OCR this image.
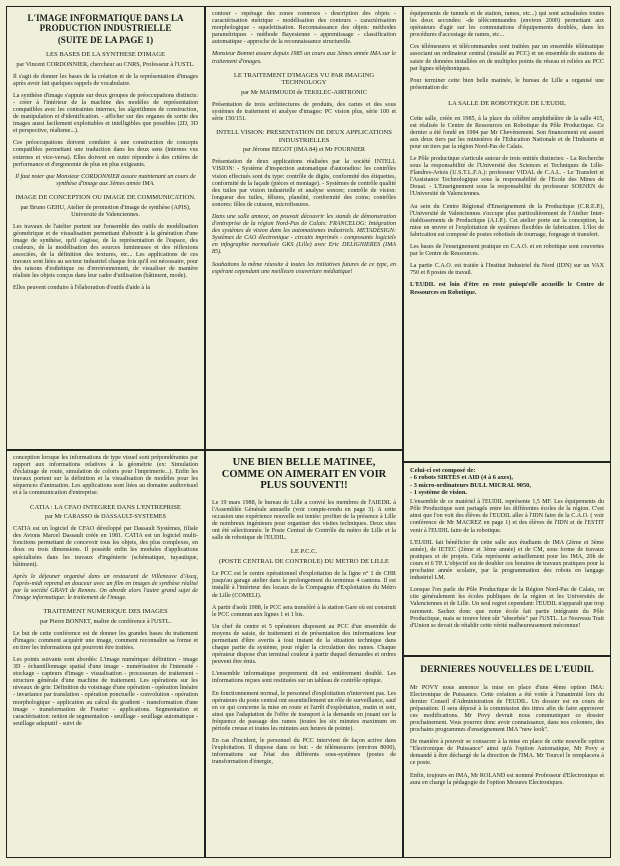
L'IMAGE INFORMATIQUE DANS LA PRODUCTION INDUSTRIELLE
(SUITE DE LA PAGE 1)
LES BASES DE LA SYNTHESE D'IMAGE
par Vincent CORDONNIER, chercheur au CNRS, Professeur à l'USTL.

Il s'agit de donner les bases de la création et de la représentation d'images après avoir fait quelques rappels de vocabulaire.

La synthèse d'image s'appuie sur deux groupes de préoccupations distincts: - créer à l'intérieur de la machine des modèles de représentation compatibles avec les contraintes internes, les algorithmes de construction, de manipulation et d'identification. - afficher sur des organes de sortie des images aussi facilement exploitables et intelligibles que possibles (2D, 3D et perspective, réalisme...).

Ces préoccupations doivent conduire à une construction de concepts compatibles permettant une traduction dans les deux sens (internes vus externes et vice-versa). Elles doivent en outre répondre à des critères de performance et d'ergonomie de plus en plus exigeants.

Il faut noter que Monsieur CORDONNIER assure maintenant un cours de synthèse d'image aux 3èmes année IMA.

IMAGE DE CONCEPTION OU IMAGE DE COMMUNICATION.
par Bruno GEHU, Atelier de promotion d'image de synthèse (APIS), Université de Valenciennes.

Les travaux de l'atelier portent sur l'ensemble des outils de modélisation géométrique et de visualisation permettant d'aboutir à la génération d'une image de synthèse, qu'il s'agisse, de la représentation de l'espace, des couleurs, de la modélisation des sources lumineuses et des réflexions associées, de la définition des textures, etc... Les applications de ces travaux sont liées au secteur industriel chaque fois qu'il est nécessaire, pour des raisons d'esthétique ou d'environnement, de visualiser de manière réaliste les objets conçus dans leur cadre d'utilisation (bâtiment, mode).

Elles peuvent conduire à l'élaboration d'outils d'aide à la

contour - repérage des zones connexes - description des objets - caractérisation métrique - modélisation des contours - caractérisation morphologique - squelettisation. Reconnaissance des objets: méthodes paramétriques - méthode Bayesienne - apprentissage - classification automatique - approche de la reconnaissance structurelle.

Monsieur Bonnet assure depuis 1985 un cours aux 3èmes année IMA sur le traitement d'images.

LE TRAITEMENT D'IMAGES VU PAR IMAGING TECHNOLOGY
par Mr MAHMOUDI de TEKELEC-AIRTRONIC

Présentation de trois architectures de produits, des cartes et des sous systèmes de traitement et analyse d'images: PC vision plus, série 100 et série 150/151.

INTELL VISION: PRESENTATION DE DEUX APPLICATIONS INDUSTRIELLES
par Jérome BEGOT (IMA 84) et Mr FOURNIER

Présentation de deux applications réalisées par la société INTELL VISION: - Système d'inspection automatique d'autoradios: les contrôles vision effectués sont du type: contrôle de digits, conformité des étiquettes, conformité de la façade (pièces et montage). - Systèmes de contrôle qualité des tuiles par vision industrielle et analyse sonore; contrôle de vision: longueur des tuiles, fêlures, planéité, conformité des coins; contrôles sonores: fêles de cuisson, microfissures.

Dans une salle annexe, on pouvait découvrir les stands de démonstration d'entreprise de la région Nord-Pas de Calais: FRANCELOG: Intégration des systèmes de vision dans les automatismes industriels. METADESIGN: Systèmes de CAO électronique - circuits imprimés - composants logiciels en infographie normalisée GKS (Lille) avec Eric DELIGNIERES (IMA 85).

Souhaitons la même réussite à toutes les initiatives futures de ce type, en espérant cependant une meilleure couverture médiatique!

équipements de tunnels et de station, rames, etc...) qui sont actualisées toutes les deux secondes: -de télécommandes (environ 2000) permettant aux opérateurs d'agir sur les commutations d'équipements doublés, dans les procédures d'accostage de rames, etc...

Ces télémesures et télécommandes sont traitées par un ensemble télématique associant un ordinateur central (installé au PCC) et un ensemble de stations de saisie de données installées en de multiples points du réseau et reliées au PCC par lignes téléphoniques.

Pour terminer cette bien belle matinée, le bureau de Lille a organisé une présentation de:

LA SALLE DE ROBOTIQUE DE L'EUDIL

Cette salle, créée en 1985, à la place du célèbre amphithéâtre de la salle 415, est réalisée le Centre de Ressources en Robotique du Pôle Productique. Ce dernier a été fondé en 1984 par Mr Chevènement. Son financement est assuré aux deux tiers par les ministères de l'Education Nationale et de l'Industrie et pour un tiers par la région Nord-Pas de Calais.

Le Pôle productique s'articule autour de trois entités distinctes: - La Recherche sous la responsabilité de l'Université des Sciences et Techniques de Lille-Flandres-Artois (U.S.T.L.F.A.): professeur VIDAL de C.A.L. - Le Transfert et l'Assistance Technologique sous la responsabilité de l'Ecole des Mines de Douai. - L'Enseignement sous la responsabilité du professeur SOENEN de l'Université de Valenciennes.

Au sein du Centre Régional d'Enseignement de la Productique (C.R.E.P.), l'Université de Valenciennes s'occupe plus particulièrement de l'Atelier Inter-établissements de Productique (A.I.P.). Cet atelier porte sur la conception, la mise en œuvre et l'exploitation de systèmes flexibles de fabrication. L'îlot de fabrication est composé de postes robotisés de tournage, forgeage et transfert.

Les bases de l'enseignement pratique en C.A.O. et en robotique sont couvertes par le Centre de Ressources.

La partie C.A.O. est traitée à l'Institut Industriel du Nord (IDN) sur un VAX 750 et 8 postes de travail.

L'EUDIL est loin d'être en reste puisqu'elle accueille le Centre de Ressources en Robotique.

conception lorsque les informations de type visuel sont prépondérantes par rapport aux informations relatives à la géométrie (ex: Simulation d'éclairage de route, simulation de coloris pour l'imprimerie...). Enfin les travaux portent sur la définition et la visualisation de modèles pour les séquences d'animation. Les applications sont liées au domaine audiovisuel et à la communication d'entreprise.

CATIA : LA CFAO INTEGREE DANS L'ENTREPRISE
par Mr CARASSO de DASSAULT-SYSTEMES

CATIA est un logiciel de CFAO développé par Dassault Systèmes, filiale des Avions Marcel Dassault créée en 1981. CATIA est un logiciel multi-fonctions permettant de concevoir tous les objets, des plus complexes, en deux ou trois dimensions. Il possède enfin les modules d'applications spécialisées dans les travaux d'ingénierie (schématique, tuyautique, bâtiment).

Après le déjeuner organisé dans un restaurant de Villeneuve d'Ascq, l'après-midi reprend en douceur avec un film en images de synthèse réalisé par la société GRAVI de Rennes. On aborde alors l'autre grand sujet de l'image informatique: le traitement de l'image.

TRAITEMENT NUMERIQUE DES IMAGES
par Pierre BONNET, maître de conférence à l'USTL.

Le but de cette conférence est de donner les grandes bases du traitement d'images: comment acquérir une image, comment reconnaître sa forme et en tirer les informations qui pourront être traitées.

Les points suivants sont abordés: L'image numérique: définition - image 3D - échantillonnage spatial d'une image - numérisation de l'intensité -stockage - capteurs d'image - visualisation - processeurs de traitement - structure générale d'une machine de traitement. Les opérations sur les niveaux de gris: Définition du voisinage d'une opération - opération linéaire - invariance par translation - opération ponctuelle - convolution - opération morphologique - application au calcul du gradient - transformation d'une image - transformation de Fourier - applications. Segmentation et caractérisation: notion de segmentation - seuillage - seuillage automatique - seuillage adaptatif - suivi de

UNE BIEN BELLE MATINEE, COMME ON AIMERAIT EN VOIR PLUS SOUVENT!!

Le 19 mars 1988, le bureau de Lille a convié les membres de l'AIEDIL à l'Assemblée Générale annuelle (voir compte-rendu en page 3). A cette occasion une expérience nouvelle est tentée: profiter de la présence à Lille de nombreux ingénieurs pour organiser des visites techniques. Deux sites ont été sélectionnés: le Poste Central de Contrôle du métro de Lille et la salle de robotique de l'EUDIL.

LE P.C.C.
(POSTE CENTRAL DE CONTROLE) DU METRO DE LILLE

Le PCC est le centre opérationnel d'exploitation de la ligne n° 1 de CHR jusqu'au garage atelier dans le prolongement du terminus 4 cantons. Il est installé à l'intérieur des locaux de la Compagnie d'Exploitation du Métro de Lille (COMELI).

A partir d'août 1988, le PCC sera transféré à la station Gare où est construit le PCC commun aux lignes 1 et 1 bis.

Un chef de centre et 5 opérateurs disposent au PCC d'un ensemble de moyens de saisie, de traitement et de présentation des informations leur permettant d'être avertis à tout instant de la situation technique dans chaque partie du système, pour régler la circulation des rames. Chaque opérateur dispose d'un terminal couleur à partir duquel demandes et ordres peuvent être émis.

L'ensemble informatique proprement dit est entièrement doublé. Les informations reçues sont restituées sur un tableau de contrôle optique.

En fonctionnement normal, le personnel d'exploitation n'intervient pas. Les opérateurs du poste central ont essentiellement un rôle de surveillance, sauf en ce qui concerne la mise en route et l'arrêt d'exploitation, matin et soir, ainsi que l'adaptation de l'offre de transport à la demande en jouant sur la fréquence de passage des rames (toutes les six minutes maximum en période creuse et toutes les minutes aux heures de pointe).

En cas d'incident, le personnel du PCC intervient de façon active dans l'exploitation. Il dispose dans ce but: - de télémesures (environ 8000), informations sur l'état des différents sous-systèmes (postes de transformation d'énergie,

Celui-ci est composé de:
- 6 robots SIRTES et AID (4 à 6 axes),
- 3 micro-ordinateurs BULL MICRAL 9050,
- 1 système de vision.

L'ensemble de ce matériel à l'EUDIL représente 1,5 MF. Les équipements du Pôle Productique sont partagés entre les différentes écoles de la région. C'est ainsi que l'on voit des élèves de l'EUDIL aller à l'IDN faire de la C.A.O. ( voir conférence de Mr MACREZ en page 1) et des élèves de l'IDN et de l'ESTIT venir à l'EUDIL faire de la robotique.

L'EUDIL fait bénéficier de cette salle aux étudiants de IMA (2ème et 3ème année), de IETEC (2ème et 3ème année) et de CM, sous forme de travaux pratiques et de projets. Cela représente actuellement pour les IMA, 20h de cours et 6 TP. L'objectif est de doubler ces horaires de travaux pratiques pour la prochaine année scolaire, par la programmation des robots en langage industriel LM.

Lorsque l'on parle du Pôle Productique de la Région Nord-Pas de Calais, on cite généralement les écoles publiques de la région et les Universités de Valenciennes et de Lille. Un seul regret cependant: l'EUDIL n'apparaît que trop rarement. Sachez donc que notre école fait partie intégrante du Pôle Productique, mais se trouve bien sûr "absorbée" par l'USTL. Le Nouveau Trait d'Union se devait de rétablir cette vérité malheureusement méconnue!

DERNIERES NOUVELLES DE L'EUDIL

Mr POVY nous annonce la mise en place d'une 4ème option IMA: Electronique de Puissance. Cette création a été votée à l'unanimité lors du dernier Conseil d'Administration de l'EUDIL. Un dossier est en cours de préparation. Il sera déposé à la commission des titres afin de faire approuver ces modifications. Mr Povy devrait nous communiquer ce dossier prochainement. Vous pourrez donc avoir connaissance, dans nos colonnes, des prochains programmes d'enseignement IMA "new look".

De manière à pouvoir se consacrer à la mise en place de cette nouvelle option "Electronique de Puissance" ainsi qu'à l'option Automatique, Mr Povy a demandé à être déchargé de la direction de l'IMA. Mr Tourcel le remplacera à ce poste.

Enfin, toujours en IMA, Mr ROLAND est nommé Professeur d'Electronique et aura en charge la pédagogie de l'option Mesures Electroniques.
